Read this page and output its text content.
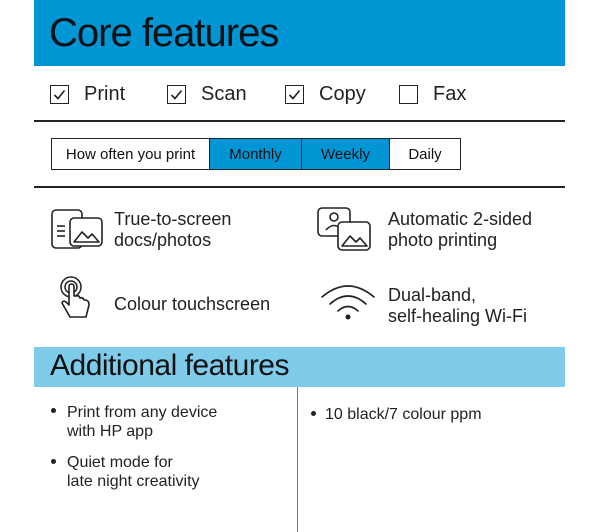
Core features
Print	Scan	Copy	Fax
How often you print	Monthly	Weekly	Daily
True-to-screen
docs/photos
Automatic 2-sided
photo printing
Colour touchscreen	Dual-band,
self-healing Wi-Fi
Additional features
Print from any device
with HP app
Quiet mode for
late night creativity
10 black/7 colour ppm
